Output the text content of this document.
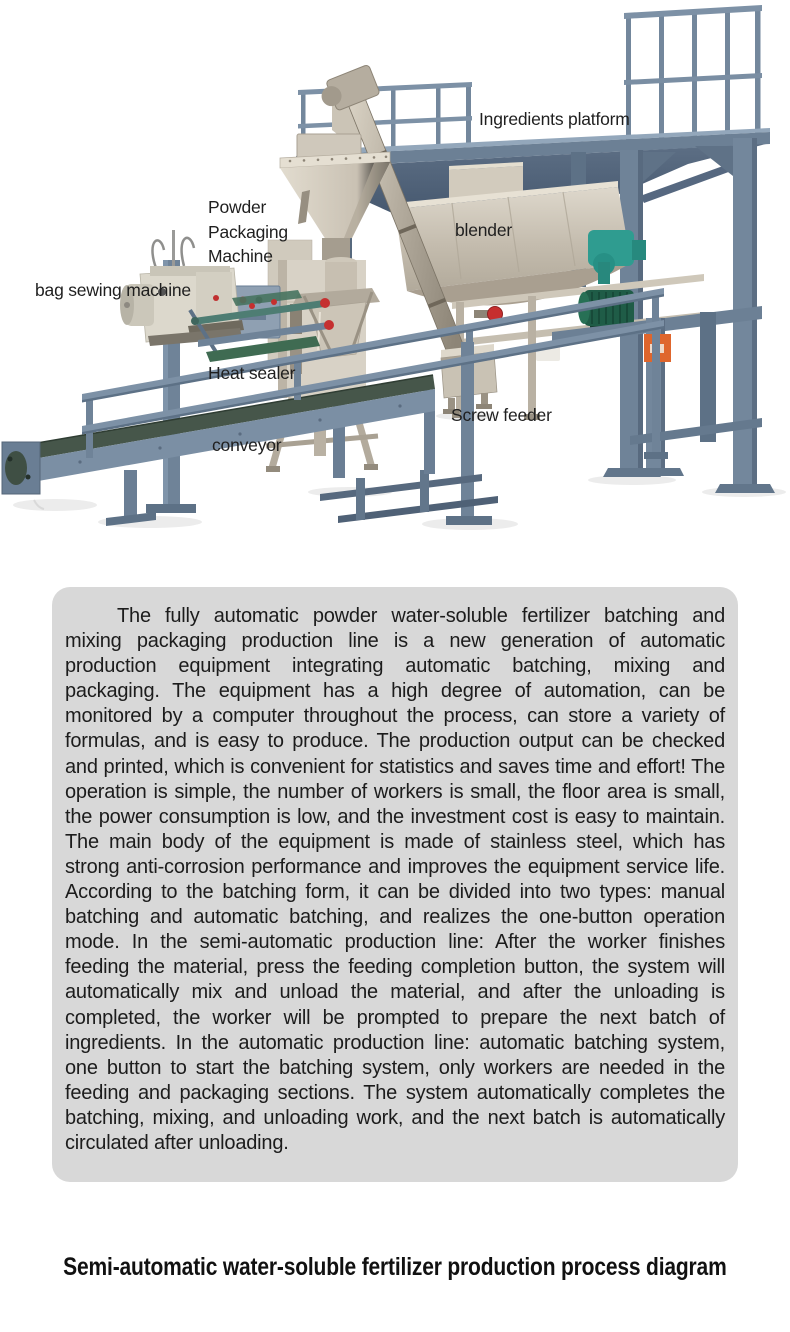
Ingredients platform
Powder Packaging Machine
blender
bag sewing machine
Heat sealer
Screw feeder
conveyor

The fully automatic powder water-soluble fertilizer batching and mixing packaging production line is a new generation of automatic production equipment integrating automatic batching, mixing and packaging. The equipment has a high degree of automation, can be monitored by a computer throughout the process, can store a variety of formulas, and is easy to produce. The production output can be checked and printed, which is convenient for statistics and saves time and effort! The operation is simple, the number of workers is small, the floor area is small, the power consumption is low, and the investment cost is easy to maintain. The main body of the equipment is made of stainless steel, which has strong anti-corrosion performance and improves the equipment service life. According to the batching form, it can be divided into two types: manual batching and automatic batching, and realizes the one-button operation mode. In the semi-automatic production line: After the worker finishes feeding the material, press the feeding completion button, the system will automatically mix and unload the material, and after the unloading is completed, the worker will be prompted to prepare the next batch of ingredients. In the automatic production line: automatic batching system, one button to start the batching system, only workers are needed in the feeding and packaging sections. The system automatically completes the batching, mixing, and unloading work, and the next batch is automatically circulated after unloading.

Semi-automatic water-soluble fertilizer production process diagram
